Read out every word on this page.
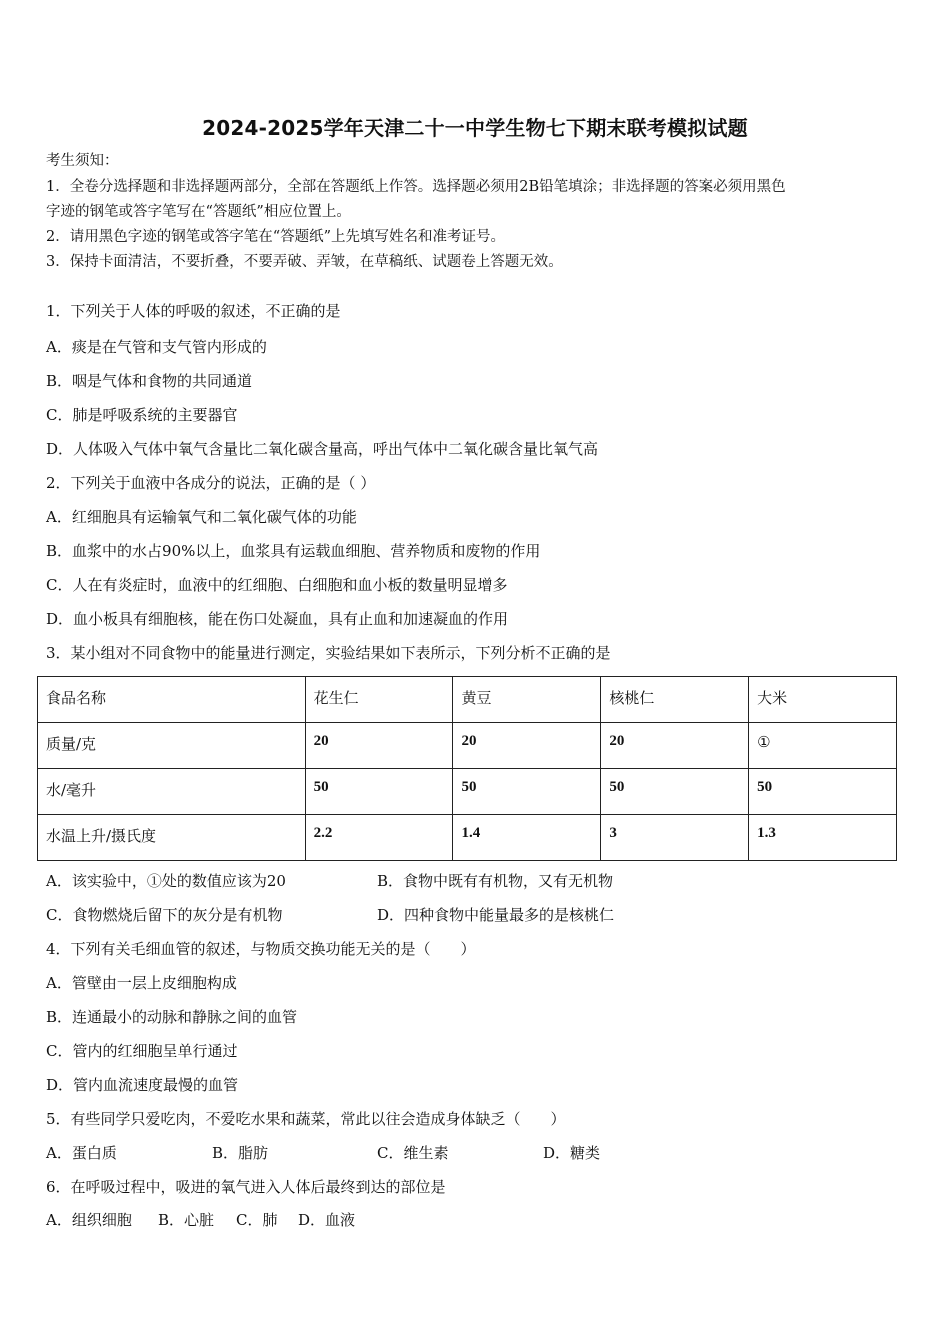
2024-2025学年天津二十一中学生物七下期末联考模拟试题
考生须知：
1．全卷分选择题和非选择题两部分，全部在答题纸上作答。选择题必须用2B铅笔填涂；非选择题的答案必须用黑色
字迹的钢笔或答字笔写在“答题纸”相应位置上。
2．请用黑色字迹的钢笔或答字笔在“答题纸”上先填写姓名和准考证号。
3．保持卡面清洁，不要折叠，不要弄破、弄皱，在草稿纸、试题卷上答题无效。
1．下列关于人体的呼吸的叙述，不正确的是
A．痰是在气管和支气管内形成的
B．咽是气体和食物的共同通道
C．肺是呼吸系统的主要器官
D．人体吸入气体中氧气含量比二氧化碳含量高，呼出气体中二氧化碳含量比氧气高
2．下列关于血液中各成分的说法，正确的是（ ）
A．红细胞具有运输氧气和二氧化碳气体的功能
B．血浆中的水占90%以上，血浆具有运载血细胞、营养物质和废物的作用
C．人在有炎症时，血液中的红细胞、白细胞和血小板的数量明显增多
D．血小板具有细胞核，能在伤口处凝血，具有止血和加速凝血的作用
3．某小组对不同食物中的能量进行测定，实验结果如下表所示，下列分析不正确的是
食品名称	花生仁	黄豆	核桃仁	大米
质量/克	20	20	20	①
水/毫升	50	50	50	50
水温上升/摄氏度	2.2	1.4	3	1.3
A．该实验中，①处的数值应该为20	B．食物中既有有机物，又有无机物
C．食物燃烧后留下的灰分是有机物	D．四种食物中能量最多的是核桃仁
4．下列有关毛细血管的叙述，与物质交换功能无关的是（　　）
A．管壁由一层上皮细胞构成
B．连通最小的动脉和静脉之间的血管
C．管内的红细胞呈单行通过
D．管内血流速度最慢的血管
5．有些同学只爱吃肉，不爱吃水果和蔬菜，常此以往会造成身体缺乏（　　）
A．蛋白质	B．脂肪	C．维生素	D．糖类
6．在呼吸过程中，吸进的氧气进入人体后最终到达的部位是
A．组织细胞 B．心脏 C．肺 D．血液
